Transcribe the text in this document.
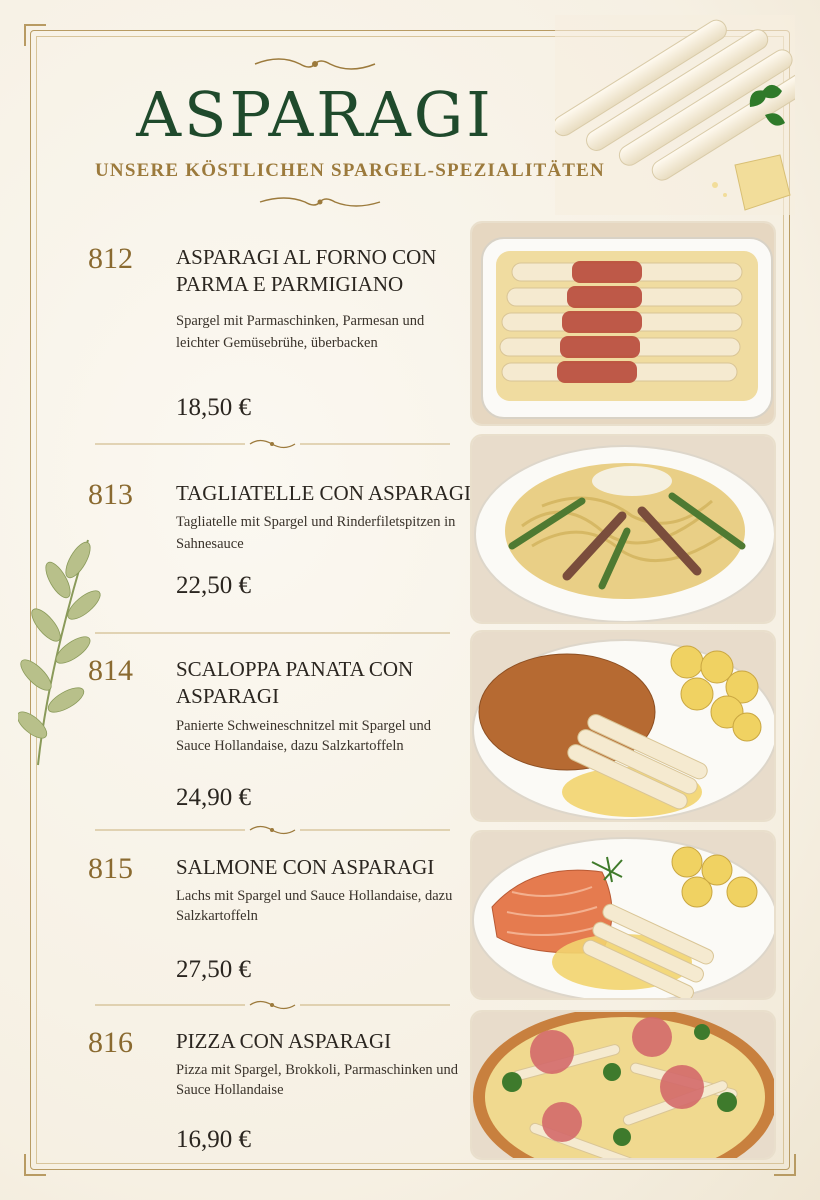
ASPARAGI
UNSERE KÖSTLICHEN SPARGEL-SPEZIALITÄTEN
812 ASPARAGI AL FORNO CON PARMA E PARMIGIANO
Spargel mit Parmaschinken, Parmesan und leichter Gemüsebrühe, überbacken
18,50 €
813 TAGLIATELLE CON ASPARAGI
Tagliatelle mit Spargel und Rinderfiletspitzen in Sahnesauce
22,50 €
814 SCALOPPA PANATA CON ASPARAGI
Panierte Schweineschnitzel mit Spargel und Sauce Hollandaise, dazu Salzkartoffeln
24,90 €
815 SALMONE CON ASPARAGI
Lachs mit Spargel und Sauce Hollandaise, dazu Salzkartoffeln
27,50 €
816 PIZZA CON ASPARAGI
Pizza mit Spargel, Brokkoli, Parmaschinken und Sauce Hollandaise
16,90 €
